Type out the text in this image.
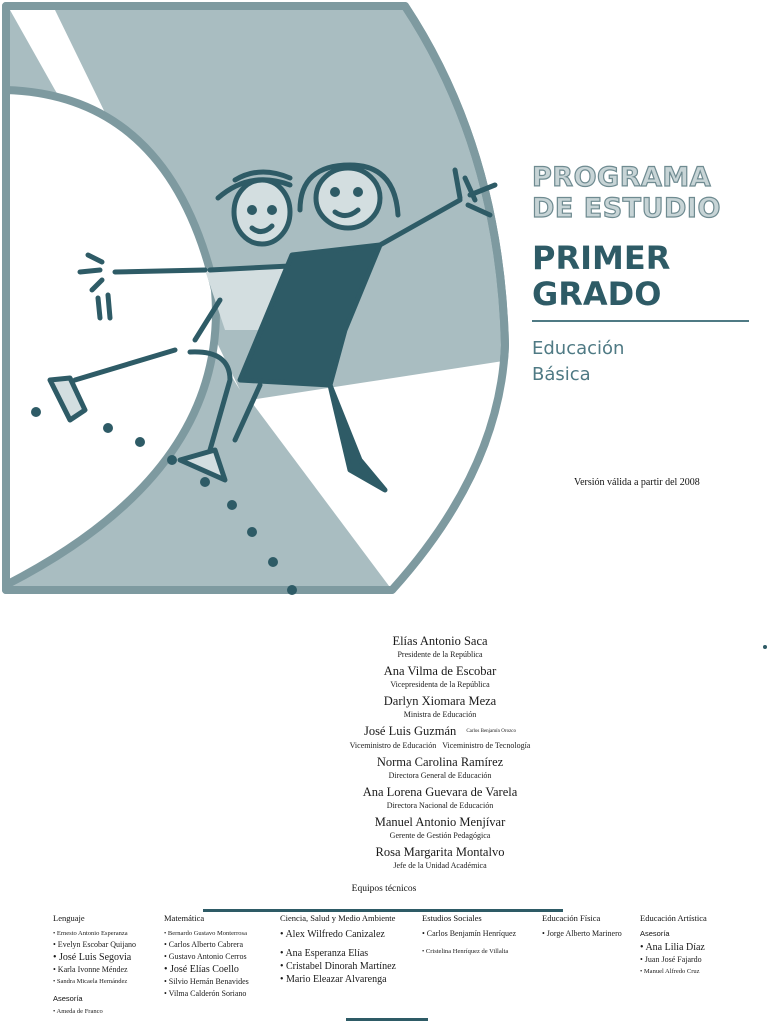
PROGRAMA
DE ESTUDIO
PRIMER
GRADO
Educación
Básica
Versión válida a partir del 2008
Elías Antonio Saca
Presidente de la República
Ana Vilma de Escobar
Vicepresidenta de la República
Darlyn Xiomara Meza
Ministra de Educación
José Luis Guzmán Carlos Benjamín Orozco
Viceministro de Educación Viceministro de Tecnología
Norma Carolina Ramírez
Directora General de Educación
Ana Lorena Guevara de Varela
Directora Nacional de Educación
Manuel Antonio Menjívar
Gerente de Gestión Pedagógica
Rosa Margarita Montalvo
Jefe de la Unidad Académica
Equipos técnicos
Lenguaje
• Ernesto Antonio Esperanza
• Evelyn Escobar Quijano
• José Luis Segovia
• Karla Ivonne Méndez
• Sandra Micaela Hernández
Asesoría
• Ameda de Franco
Matemática
• Bernardo Gustavo Monterrosa
• Carlos Alberto Cabrera
• Gustavo Antonio Cerros
• José Elías Coello
• Silvio Hernán Benavides
• Vilma Calderón Soriano
Ciencia, Salud y Medio Ambiente
• Alex Wilfredo Canizalez
• Ana Esperanza Elías
• Cristabel Dinorah Martínez
• Mario Eleazar Alvarenga
Estudios Sociales
• Carlos Benjamín Henríquez
• Cristelina Henríquez de Villalta
Educación Física
• Jorge Alberto Marinero
Educación Artística
Asesoría
• Ana Lilia Díaz
• Juan José Fajardo
• Manuel Alfredo Cruz
